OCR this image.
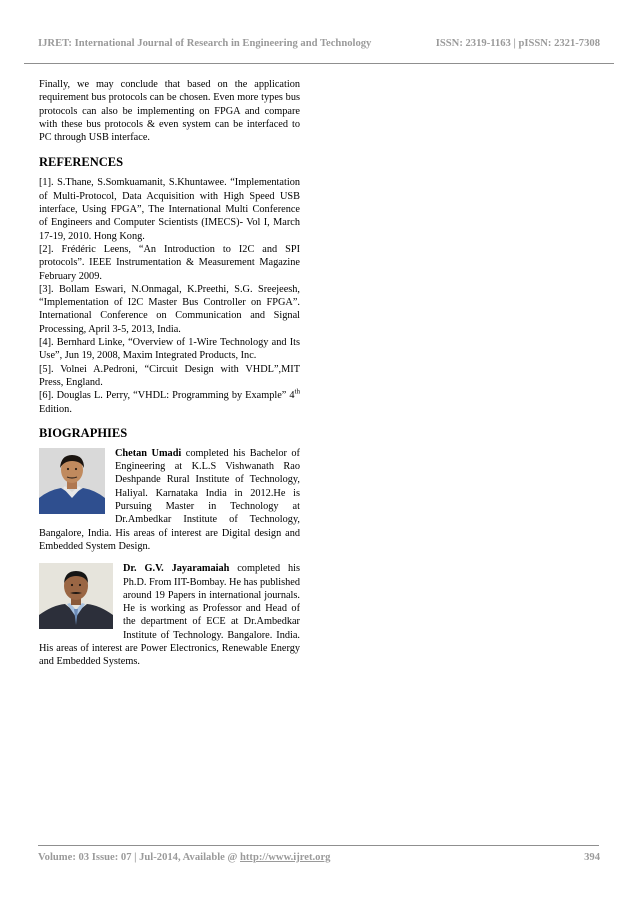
IJRET: International Journal of Research in Engineering and Technology	ISSN: 2319-1163 | pISSN: 2321-7308

Finally, we may conclude that based on the application requirement bus protocols can be chosen. Even more types bus protocols can also be implementing on FPGA and compare with these bus protocols & even system can be interfaced to PC through USB interface.

REFERENCES

[1]. S.Thane, S.Somkuamanit, S.Khuntawee. “Implementation of Multi-Protocol, Data Acquisition with High Speed USB interface, Using FPGA”, The International Multi Conference of Engineers and Computer Scientists (IMECS)- Vol I, March 17-19, 2010. Hong Kong.

[2]. Frédéric Leens, “An Introduction to I2C and SPI protocols”. IEEE Instrumentation & Measurement Magazine February 2009.

[3]. Bollam Eswari, N.Onmagal, K.Preethi, S.G. Sreejeesh, “Implementation of I2C Master Bus Controller on FPGA”. International Conference on Communication and Signal Processing, April 3-5, 2013, India.

[4]. Bernhard Linke, “Overview of 1-Wire Technology and Its Use”, Jun 19, 2008, Maxim Integrated Products, Inc.

[5]. Volnei A.Pedroni, “Circuit Design with VHDL”,MIT Press, England.

[6]. Douglas L. Perry, “VHDL: Programming by Example” 4th Edition.

BIOGRAPHIES

Chetan Umadi completed his Bachelor of Engineering at K.L.S Vishwanath Rao Deshpande Rural Institute of Technology, Haliyal. Karnataka India in 2012.He is Pursuing Master in Technology at Dr.Ambedkar Institute of Technology, Bangalore, India. His areas of interest are Digital design and Embedded System Design.

Dr. G.V. Jayaramaiah completed his Ph.D. From IIT-Bombay. He has published around 19 Papers in international journals. He is working as Professor and Head of the department of ECE at Dr.Ambedkar Institute of Technology. Bangalore. India. His areas of interest are Power Electronics, Renewable Energy and Embedded Systems.

Volume: 03 Issue: 07 | Jul-2014, Available @ http://www.ijret.org	394
